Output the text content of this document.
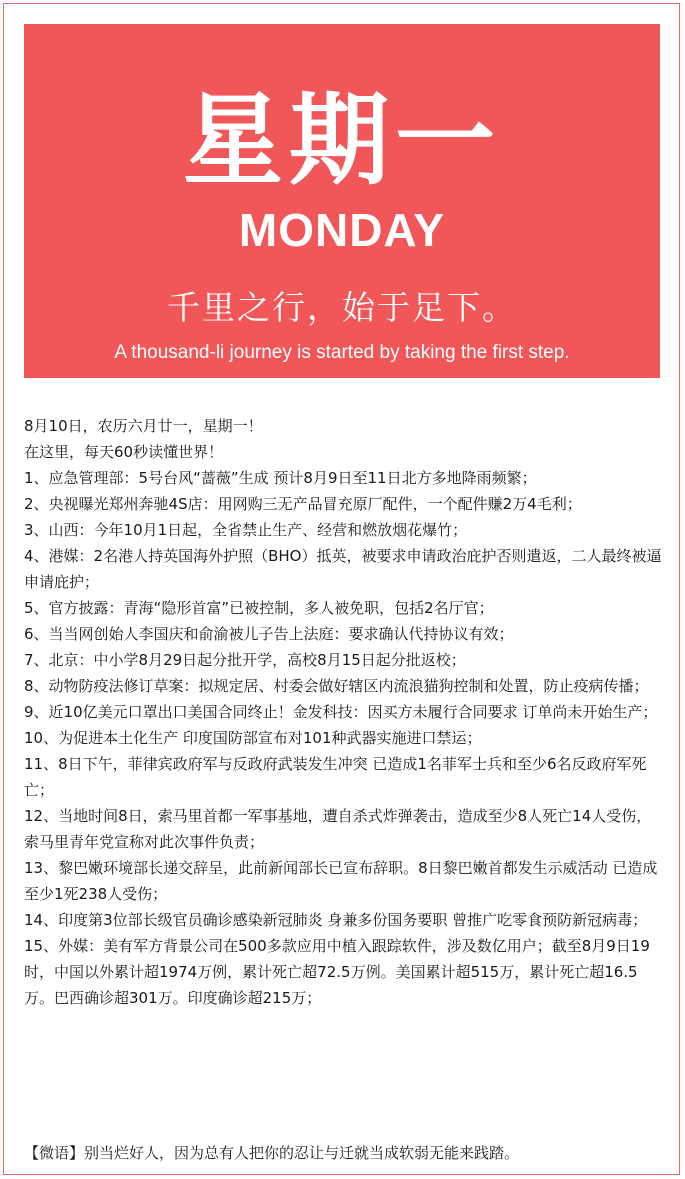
星期一
MONDAY
千里之行，始于足下。
A thousand-li journey is started by taking the first step.

8月10日，农历六月廿一，星期一！

在这里，每天60秒读懂世界！

1、应急管理部：5号台风“蔷薇”生成 预计8月9日至11日北方多地降雨频繁；

2、央视曝光郑州奔驰4S店：用网购三无产品冒充原厂配件，一个配件赚2万4毛利；

3、山西：今年10月1日起，全省禁止生产、经营和燃放烟花爆竹；

4、港媒：2名港人持英国海外护照（BHO）抵英，被要求申请政治庇护否则遣返，二人最终被逼申请庇护；

5、官方披露：青海“隐形首富”已被控制，多人被免职，包括2名厅官；

6、当当网创始人李国庆和俞渝被儿子告上法庭：要求确认代持协议有效；

7、北京：中小学8月29日起分批开学，高校8月15日起分批返校；

8、动物防疫法修订草案：拟规定居、村委会做好辖区内流浪猫狗控制和处置，防止疫病传播；

9、近10亿美元口罩出口美国合同终止！金发科技：因买方未履行合同要求 订单尚未开始生产；

10、为促进本土化生产 印度国防部宣布对101种武器实施进口禁运；

11、8日下午，菲律宾政府军与反政府武装发生冲突 已造成1名菲军士兵和至少6名反政府军死亡；

12、当地时间8日，索马里首都一军事基地，遭自杀式炸弹袭击，造成至少8人死亡14人受伤，索马里青年党宣称对此次事件负责；

13、黎巴嫩环境部长递交辞呈，此前新闻部长已宣布辞职。8日黎巴嫩首都发生示威活动 已造成至少1死238人受伤；

14、印度第3位部长级官员确诊感染新冠肺炎 身兼多份国务要职 曾推广吃零食预防新冠病毒；

15、外媒：美有军方背景公司在500多款应用中植入跟踪软件，涉及数亿用户；截至8月9日19时，中国以外累计超1974万例，累计死亡超72.5万例。美国累计超515万，累计死亡超16.5万。巴西确诊超301万。印度确诊超215万；

【微语】别当烂好人，因为总有人把你的忍让与迁就当成软弱无能来践踏。
